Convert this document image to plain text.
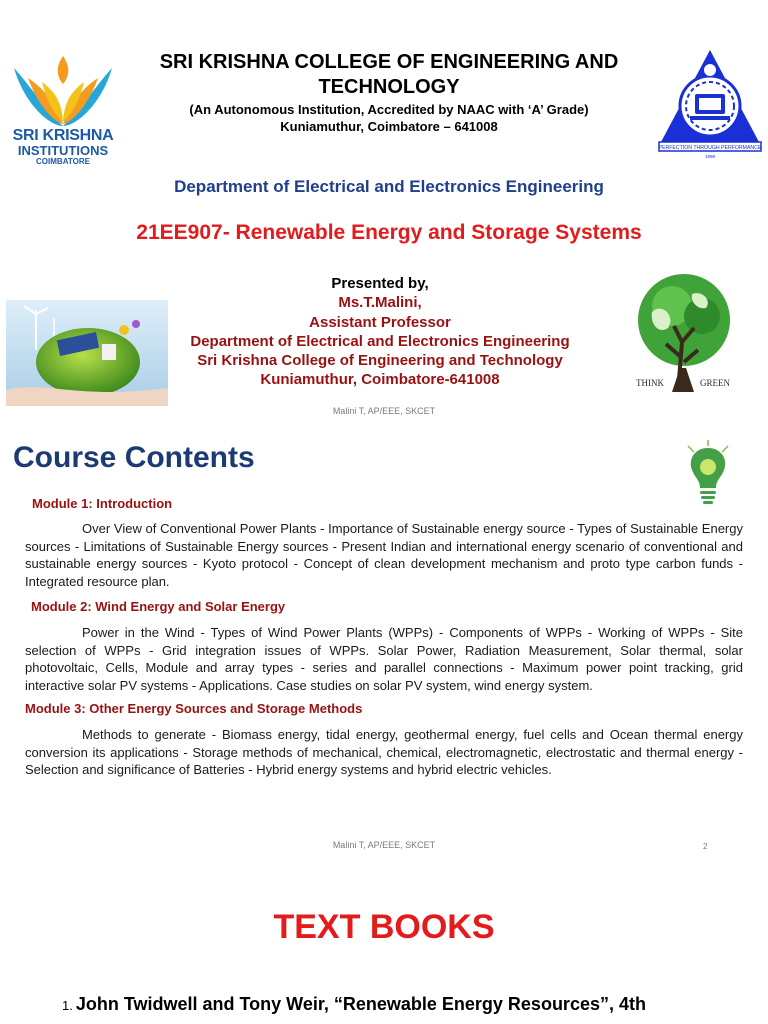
SRI KRISHNA
INSTITUTIONS
COIMBATORE
SRI KRISHNA COLLEGE OF ENGINEERING AND TECHNOLOGY
(An Autonomous Institution, Accredited by NAAC with ‘A’ Grade)
Kuniamuthur, Coimbatore – 641008
PERFECTION THROUGH PERFORMANCE
1998
Department of Electrical and Electronics Engineering
21EE907- Renewable Energy and Storage Systems
Presented by,
Ms.T.Malini,
Assistant Professor
Department of Electrical and Electronics Engineering
Sri Krishna College of Engineering and Technology
Kuniamuthur, Coimbatore-641008	THINK	GREEN
Malini T, AP/EEE, SKCET
Course Contents
Module 1: Introduction
Over View of Conventional Power Plants - Importance of Sustainable energy source - Types of Sustainable Energy sources - Limitations of Sustainable Energy sources - Present Indian and international energy scenario of conventional and sustainable energy sources - Kyoto protocol - Concept of clean development mechanism and proto type carbon funds - Integrated resource plan.
Module 2: Wind Energy and Solar Energy
Power in the Wind - Types of Wind Power Plants (WPPs) - Components of WPPs - Working of WPPs - Site selection of WPPs - Grid integration issues of WPPs. Solar Power, Radiation Measurement, Solar thermal, solar photovoltaic, Cells, Module and array types - series and parallel connections - Maximum power point tracking, grid interactive solar PV systems - Applications. Case studies on solar PV system, wind energy system.
Module 3: Other Energy Sources and Storage Methods
Methods to generate - Biomass energy, tidal energy, geothermal energy, fuel cells and Ocean thermal energy conversion its applications - Storage methods of mechanical, chemical, electromagnetic, electrostatic and thermal energy - Selection and significance of Batteries - Hybrid energy systems and hybrid electric vehicles.
Malini T, AP/EEE, SKCET	2
TEXT BOOKS
1. John Twidwell and Tony Weir, “Renewable Energy Resources”, 4th
